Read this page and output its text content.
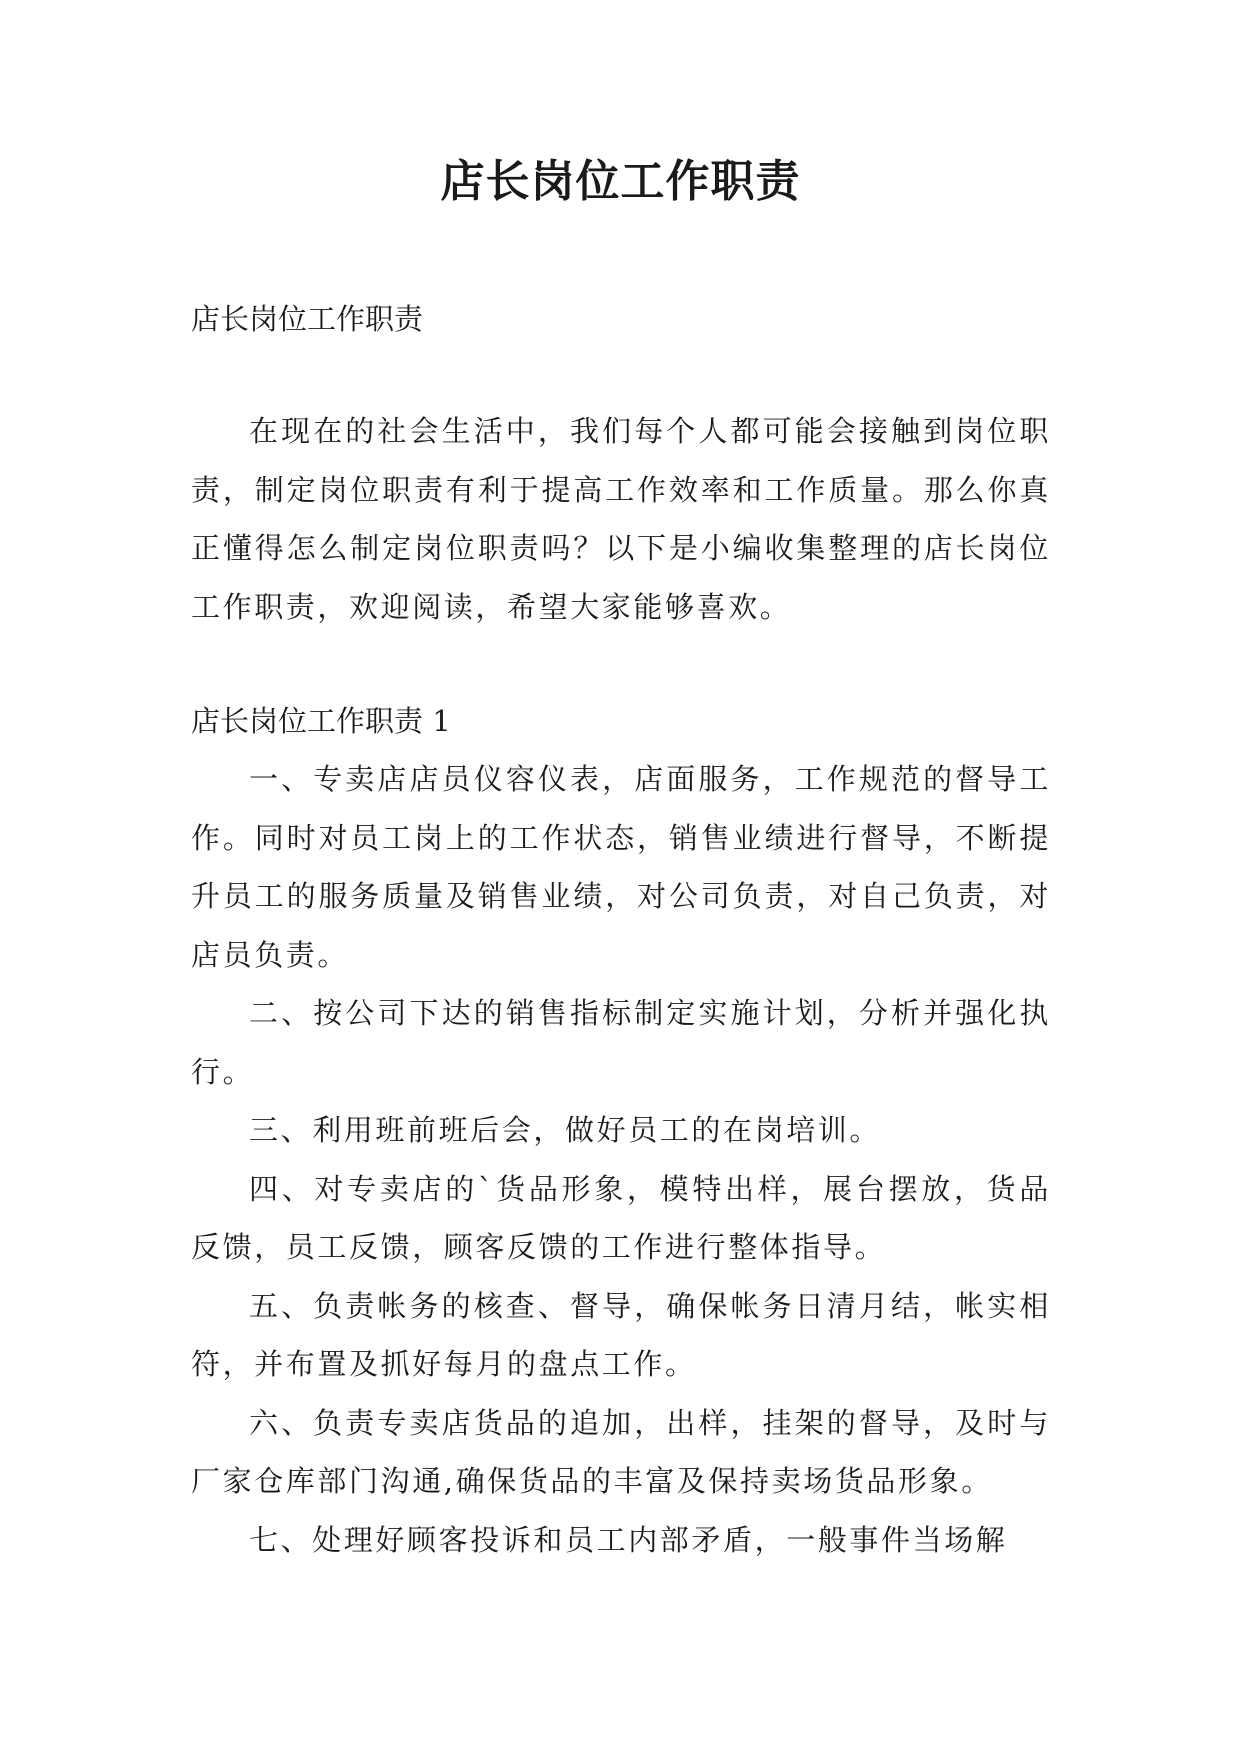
店长岗位工作职责

店长岗位工作职责

在现在的社会生活中，我们每个人都可能会接触到岗位职责，制定岗位职责有利于提高工作效率和工作质量。那么你真正懂得怎么制定岗位职责吗？以下是小编收集整理的店长岗位工作职责，欢迎阅读，希望大家能够喜欢。

店长岗位工作职责 1

一、专卖店店员仪容仪表，店面服务，工作规范的督导工作。同时对员工岗上的工作状态，销售业绩进行督导，不断提升员工的服务质量及销售业绩，对公司负责，对自己负责，对店员负责。

二、按公司下达的销售指标制定实施计划，分析并强化执行。

三、利用班前班后会，做好员工的在岗培训。

四、对专卖店的`货品形象，模特出样，展台摆放，货品反馈，员工反馈，顾客反馈的工作进行整体指导。

五、负责帐务的核查、督导，确保帐务日清月结，帐实相符，并布置及抓好每月的盘点工作。

六、负责专卖店货品的追加，出样，挂架的督导，及时与厂家仓库部门沟通,确保货品的丰富及保持卖场货品形象。

七、处理好顾客投诉和员工内部矛盾，一般事件当场解
